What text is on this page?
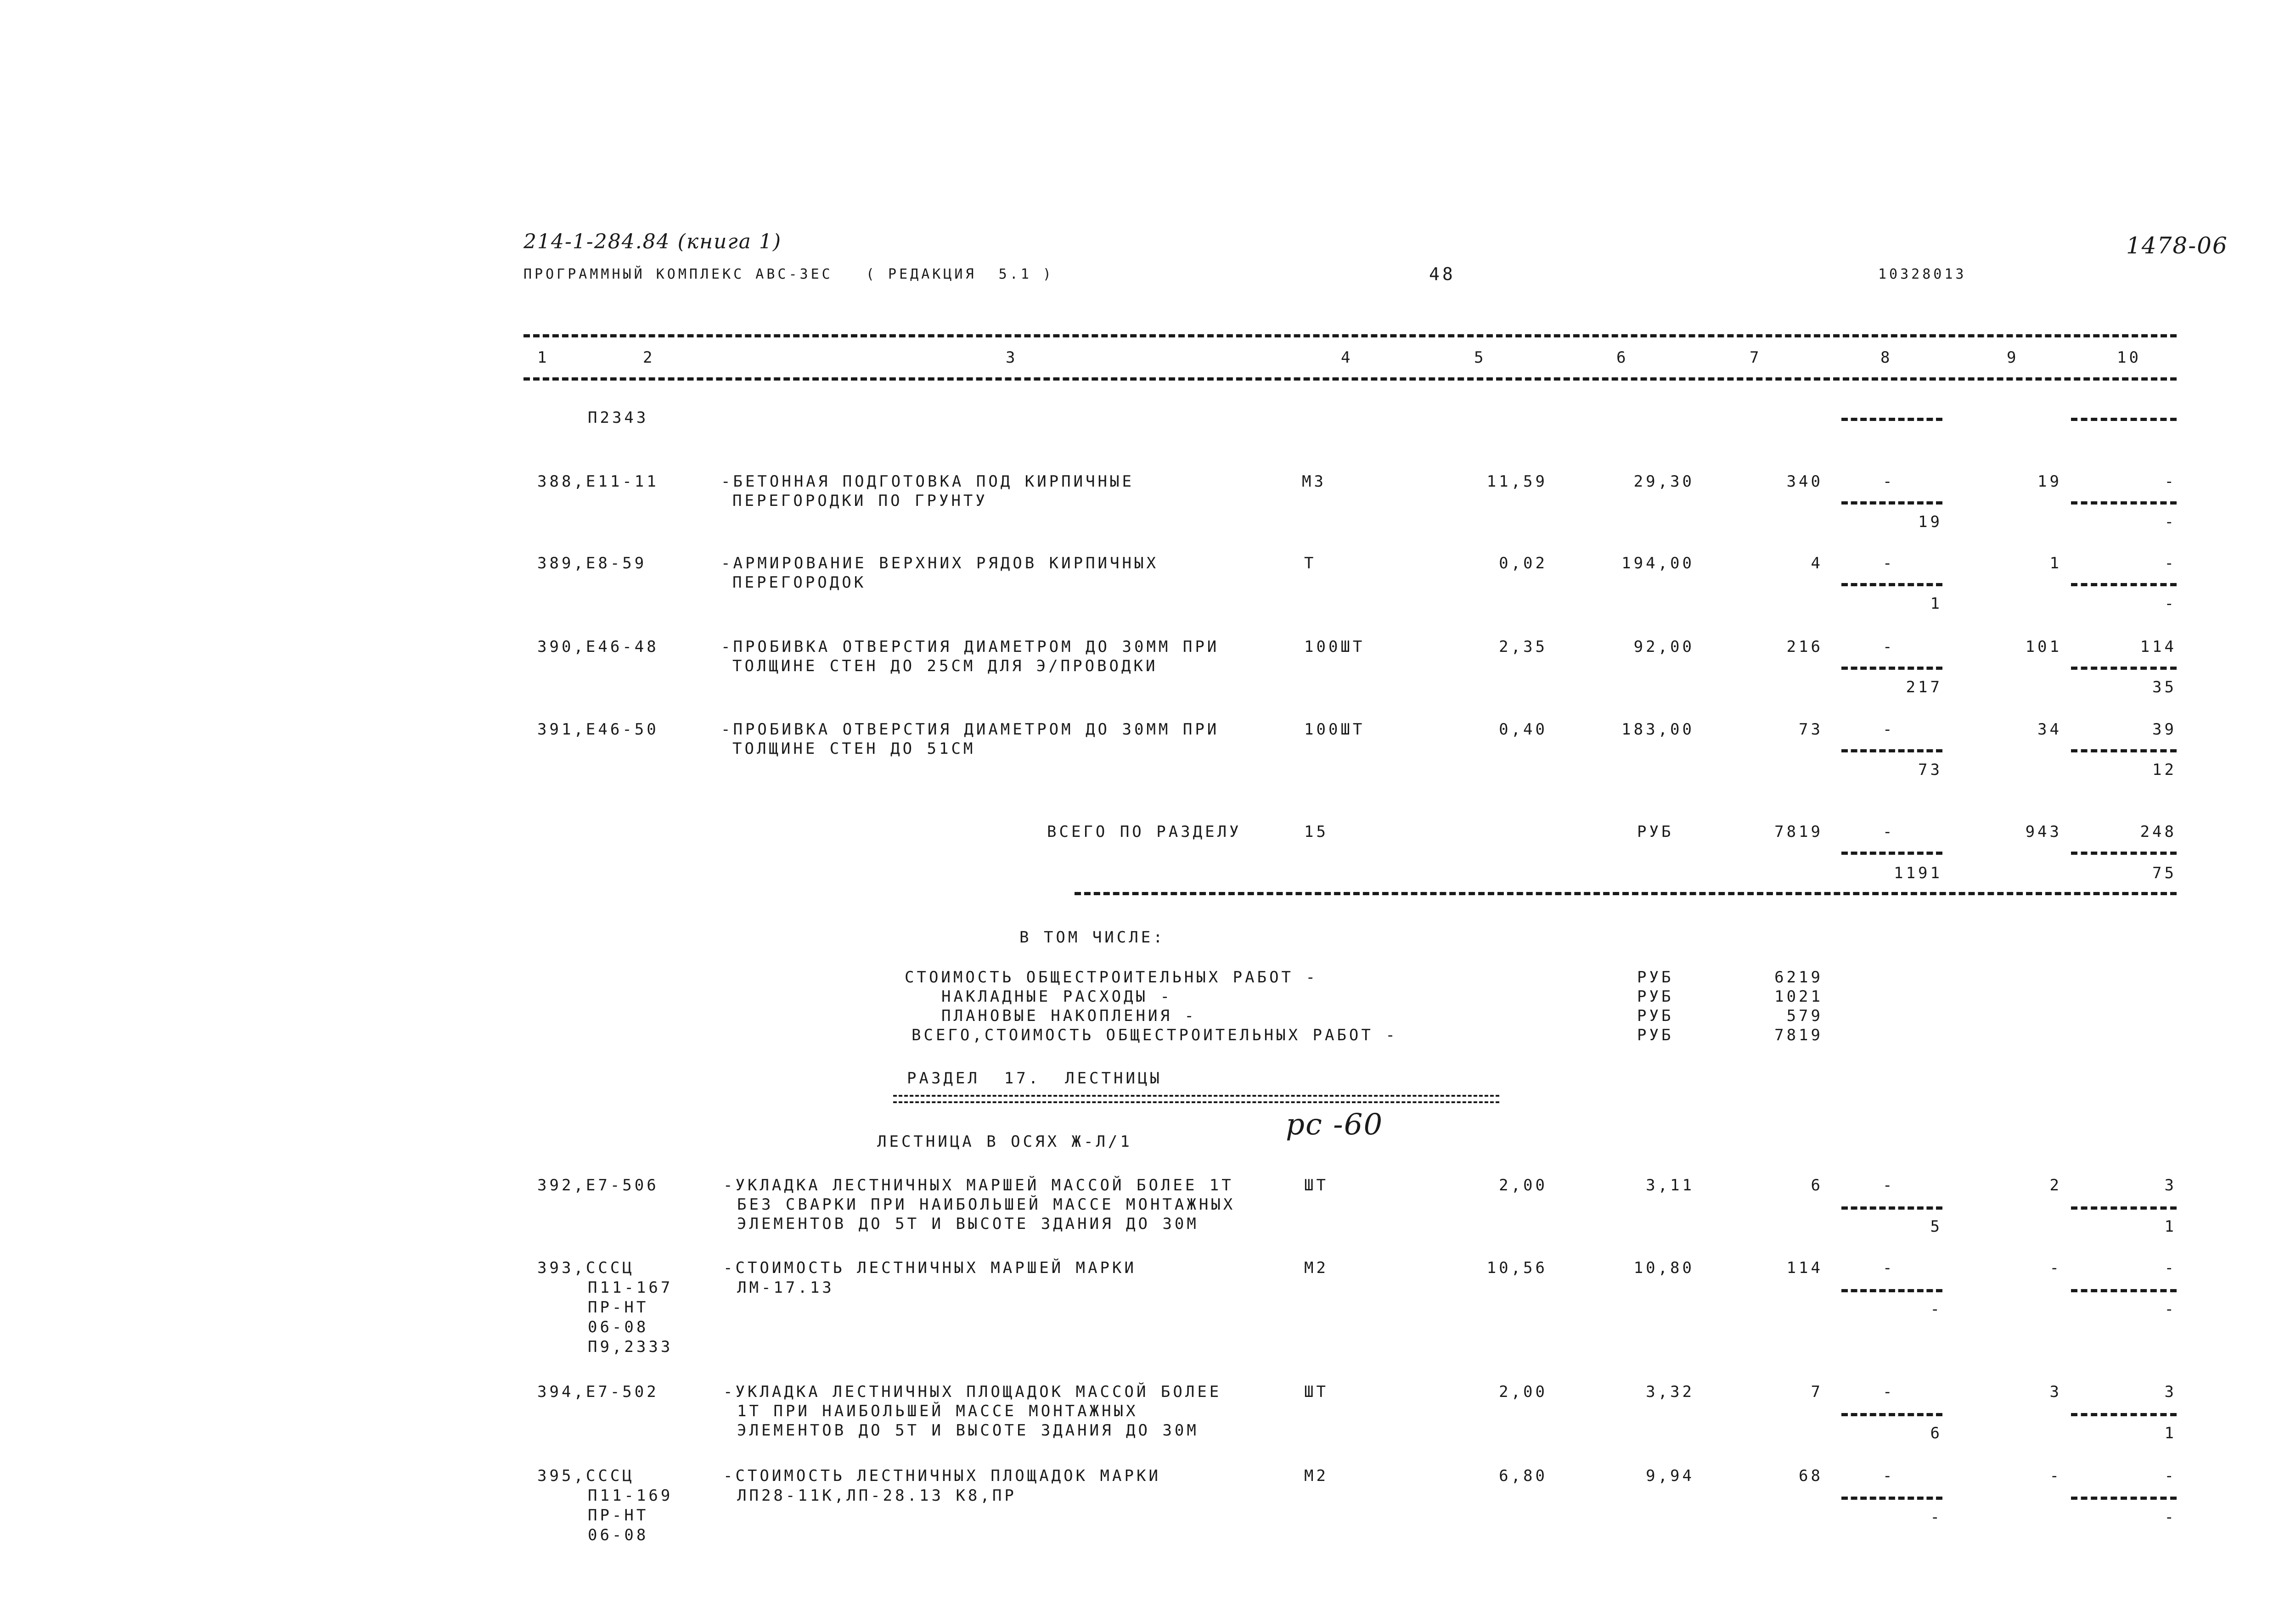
214-1-284.84 (книга 1)	1478-06
ПРОГРАММНЫЙ КОМПЛЕКС АВС-ЗЕС   ( РЕДАКЦИЯ  5.1 )	48	10328013
1	2	3	4	5	6	7	8	9	10
П2343
388,Е11-11	-БЕТОННАЯ ПОДГОТОВКА ПОД КИРПИЧНЫЕ
ПЕРЕГОРОДКИ ПО ГРУНТУ
М3	11,59	29,30	340	-	19	-
19	-
389,Е8-59	-АРМИРОВАНИЕ ВЕРХНИХ РЯДОВ КИРПИЧНЫХ
ПЕРЕГОРОДОК
Т	0,02	194,00	4	-	1	-
1	-
390,Е46-48	-ПРОБИВКА ОТВЕРСТИЯ ДИАМЕТРОМ ДО 30ММ ПРИ
ТОЛЩИНЕ СТЕН ДО 25СМ ДЛЯ Э/ПРОВОДКИ
100ШТ	2,35	92,00	216	-	101	114
217	35
391,Е46-50	-ПРОБИВКА ОТВЕРСТИЯ ДИАМЕТРОМ ДО 30ММ ПРИ
ТОЛЩИНЕ СТЕН ДО 51СМ
100ШТ	0,40	183,00	73	-	34	39
73	12
ВСЕГО ПО РАЗДЕЛУ	15	РУБ	7819	-	943	248
1191	75
В ТОМ ЧИСЛЕ:
СТОИМОСТЬ ОБЩЕСТРОИТЕЛЬНЫХ РАБОТ -	РУБ	6219
НАКЛАДНЫЕ РАСХОДЫ -	РУБ	1021
ПЛАНОВЫЕ НАКОПЛЕНИЯ -	РУБ	579
ВСЕГО,СТОИМОСТЬ ОБЩЕСТРОИТЕЛЬНЫХ РАБОТ -	РУБ	7819
РАЗДЕЛ  17.  ЛЕСТНИЦЫ
ЛЕСТНИЦА В ОСЯХ Ж-Л/1	рс -60
392,Е7-506	-УКЛАДКА ЛЕСТНИЧНЫХ МАРШЕЙ МАССОЙ БОЛЕЕ 1Т
БЕЗ СВАРКИ ПРИ НАИБОЛЬШЕЙ МАССЕ МОНТАЖНЫХ
ЭЛЕМЕНТОВ ДО 5Т И ВЫСОТЕ ЗДАНИЯ ДО 30М
ШТ	2,00	3,11	6	-	2	3
5	1
393,СССЦ
П11-167
ПР-НТ
06-08
П9,2333
-СТОИМОСТЬ ЛЕСТНИЧНЫХ МАРШЕЙ МАРКИ
ЛМ-17.13
М2	10,56	10,80	114	-	-	-
-	-
394,Е7-502	-УКЛАДКА ЛЕСТНИЧНЫХ ПЛОЩАДОК МАССОЙ БОЛЕЕ
1Т ПРИ НАИБОЛЬШЕЙ МАССЕ МОНТАЖНЫХ
ЭЛЕМЕНТОВ ДО 5Т И ВЫСОТЕ ЗДАНИЯ ДО 30М
ШТ	2,00	3,32	7	-	3	3
6	1
395,СССЦ
П11-169
ПР-НТ
06-08
-СТОИМОСТЬ ЛЕСТНИЧНЫХ ПЛОЩАДОК МАРКИ
ЛП28-11К,ЛП-28.13 К8,ПР
М2	6,80	9,94	68	-	-	-
-	-
